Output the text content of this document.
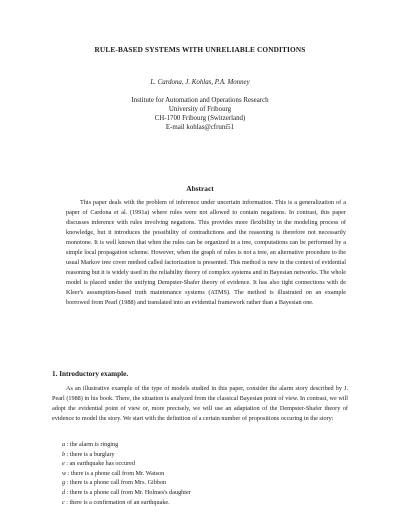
RULE-BASED SYSTEMS WITH UNRELIABLE CONDITIONS
L. Cardona, J. Kohlas, P.A. Monney
Institute for Automation and Operations Research
University of Fribourg
CH-1700 Fribourg (Switzerland)
E-mail kohlas@cfruni51
Abstract

This paper deals with the problem of inference under uncertain information. This is a generalization of a paper of Cardona et al. (1991a) where rules were not allowed to contain negations. In contrast, this paper discusses inference with rules involving negations. This provides more flexibility in the modeling process of knowledge, but it introduces the possibility of contradictions and the reasoning is therefore not necessarily monotone. It is well known that when the rules can be organized in a tree, computations can be performed by a simple local propagation scheme. However, when the graph of rules is not a tree, an alternative procedure to the usual Markov tree cover method called factorization is presented. This method is new in the context of evidential reasoning but it is widely used in the reliability theory of complex systems and in Bayesian networks. The whole model is placed under the unifying Dempster-Shafer theory of evidence. It has also tight connections with de Kleer's assumption-based truth maintenance systems (ATMS). The method is illustrated on an example borrowed from Pearl (1988) and translated into an evidential framework rather than a Bayesian one.

1. Introductory example.

As an illustrative example of the type of models studied in this paper, consider the alarm story described by J. Pearl (1988) in his book. There, the situation is analyzed from the classical Bayesian point of view. In contrast, we will adopt the evidential point of view or, more precisely, we will use an adaptation of the Dempster-Shafer theory of evidence to model the story. We start with the definition of a certain number of propositions occuring in the story:

a : the alarm is ringing
b : there is a burglary
e : an earthquake has occured
w : there is a phone call from Mr. Watson
g : there is a phone call from Mrs. Gibbon
d : there is a phone call from Mr. Holmes's daughter
c : there is a confirmation of an earthquake.
